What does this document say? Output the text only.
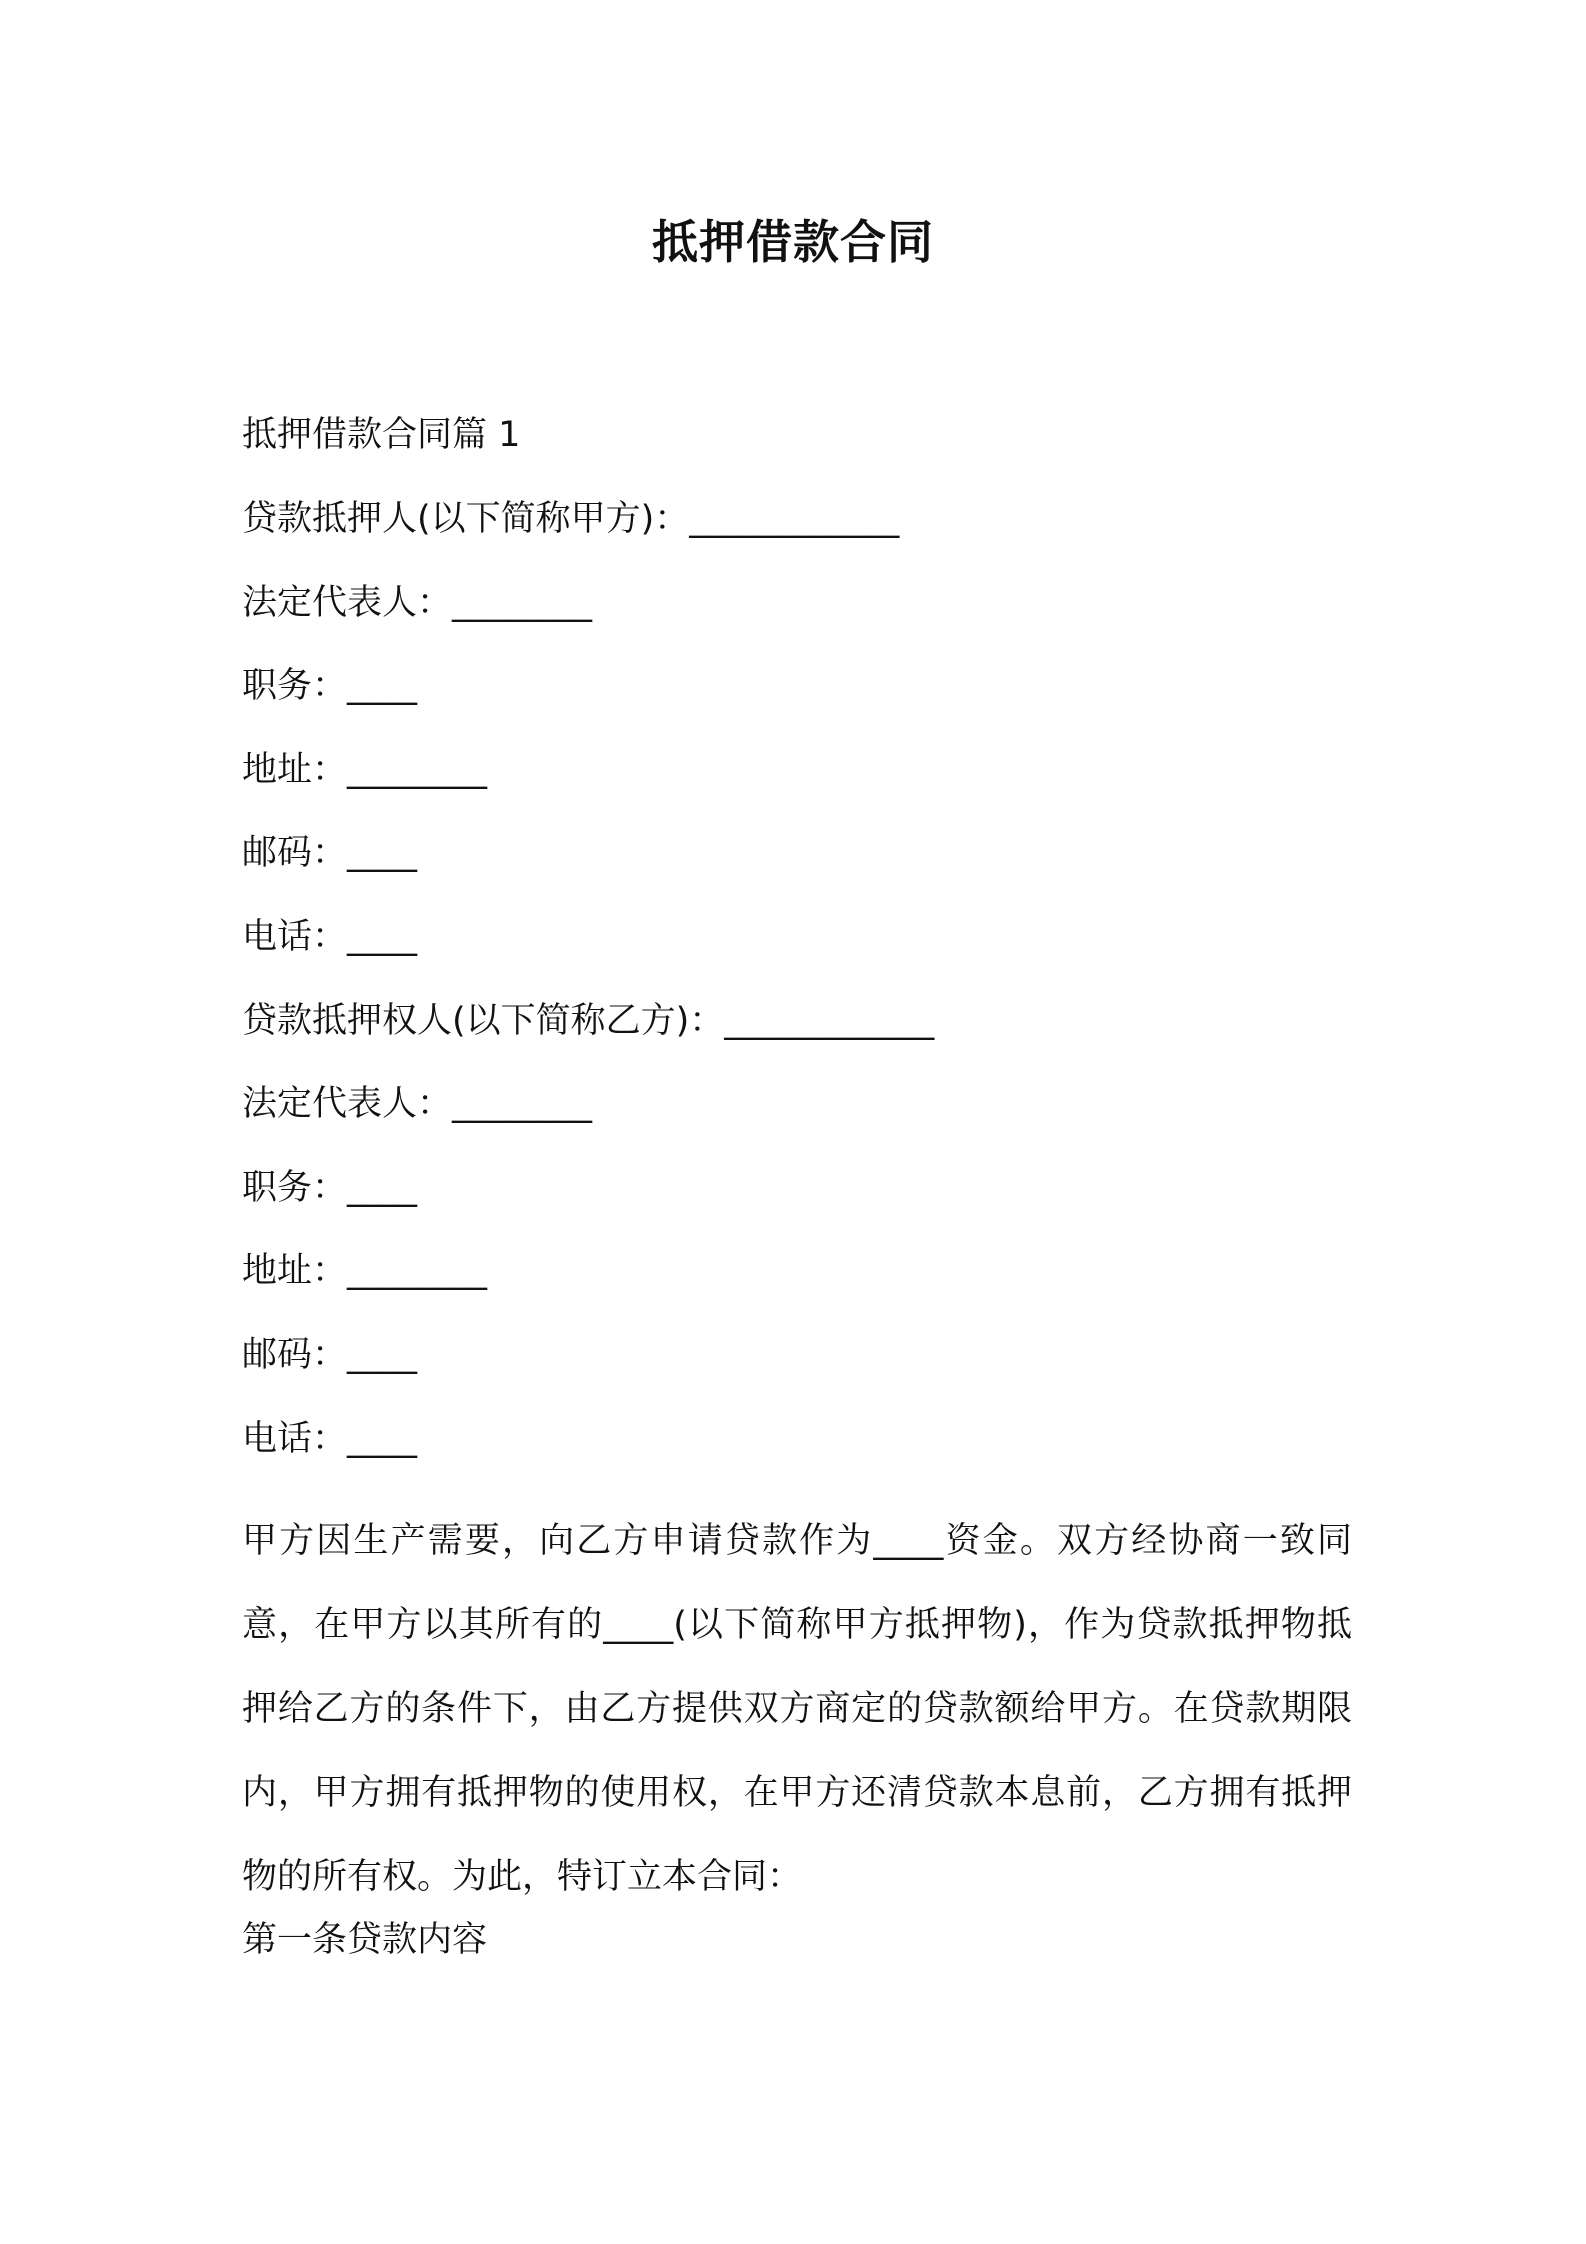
抵押借款合同
抵押借款合同篇 1
贷款抵押人(以下简称甲方)：____________
法定代表人：________
职务：____
地址：________
邮码：____
电话：____
贷款抵押权人(以下简称乙方)：____________
法定代表人：________
职务：____
地址：________
邮码：____
电话：____

甲方因生产需要，向乙方申请贷款作为____资金。双方经协商一致同意，在甲方以其所有的____(以下简称甲方抵押物)，作为贷款抵押物抵押给乙方的条件下，由乙方提供双方商定的贷款额给甲方。在贷款期限内，甲方拥有抵押物的使用权，在甲方还清贷款本息前，乙方拥有抵押物的所有权。为此，特订立本合同：

第一条贷款内容
